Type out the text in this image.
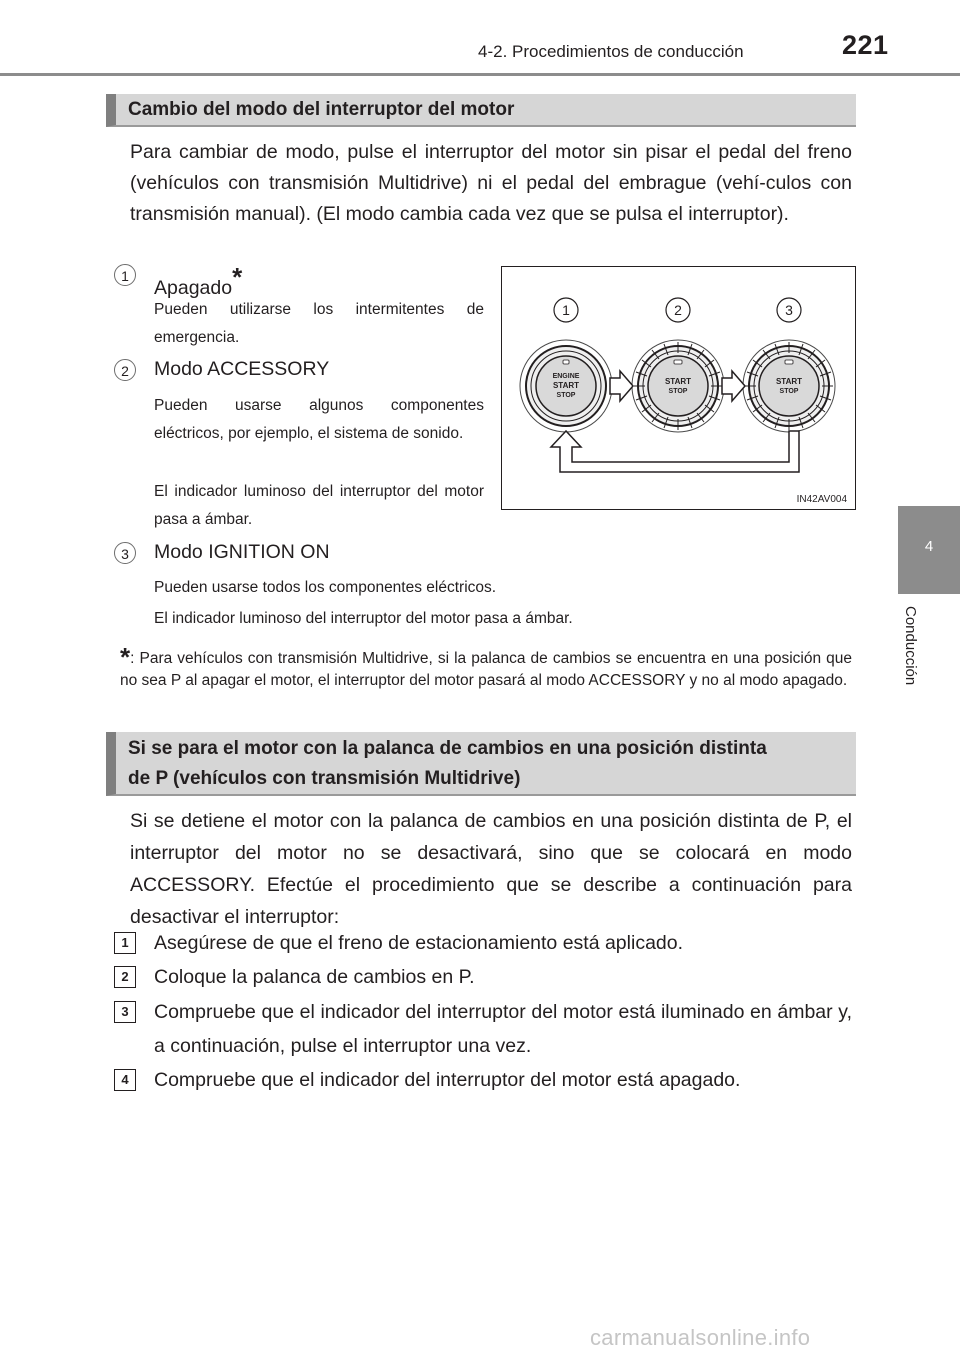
4-2. Procedimientos de conducción	221
4
Conducción
Cambio del modo del interruptor del motor
Para cambiar de modo, pulse el interruptor del motor sin pisar el pedal del freno (vehículos con transmisión Multidrive) ni el pedal del embrague (vehí-culos con transmisión manual). (El modo cambia cada vez que se pulsa el interruptor).
1
Apagado*
Pueden utilizarse los intermitentes de emergencia.
2	Modo ACCESSORY
Pueden usarse algunos componentes eléctricos, por ejemplo, el sistema de sonido.
El indicador luminoso del interruptor del motor pasa a ámbar.
3	Modo IGNITION ON
Pueden usarse todos los componentes eléctricos.
El indicador luminoso del interruptor del motor pasa a ámbar.
*: Para vehículos con transmisión Multidrive, si la palanca de cambios se encuentra en una posición que no sea P al apagar el motor, el interruptor del motor pasará al modo ACCESSORY y no al modo apagado.
1	2	3
ENGINE
START
STOP
START
STOP
START
STOP
IN42AV004
Si se para el motor con la palanca de cambios en una posición distinta
de P (vehículos con transmisión Multidrive)
Si se detiene el motor con la palanca de cambios en una posición distinta de P, el interruptor del motor no se desactivará, sino que se colocará en modo ACCESSORY. Efectúe el procedimiento que se describe a continuación para desactivar el interruptor:
1	Asegúrese de que el freno de estacionamiento está aplicado.
2	Coloque la palanca de cambios en P.
3	Compruebe que el indicador del interruptor del motor está iluminado en ámbar y, a continuación, pulse el interruptor una vez.
4	Compruebe que el indicador del interruptor del motor está apagado.
carmanualsonline.info
